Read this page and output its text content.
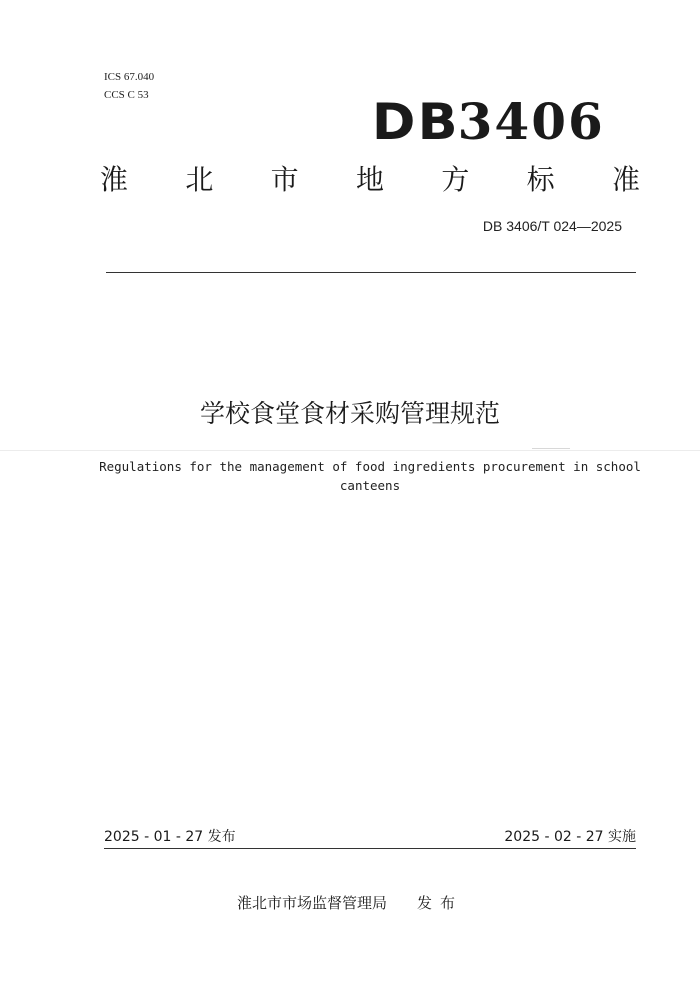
ICS 67.040
CCS C 53	DB3406
淮 北 市 地 方 标 准
DB 3406/T 024—2025
学校食堂食材采购管理规范
Regulations for the management of food ingredients procurement in school canteens
2025 - 01 - 27 发布	2025 - 02 - 27 实施
淮北市市场监督管理局 发布
